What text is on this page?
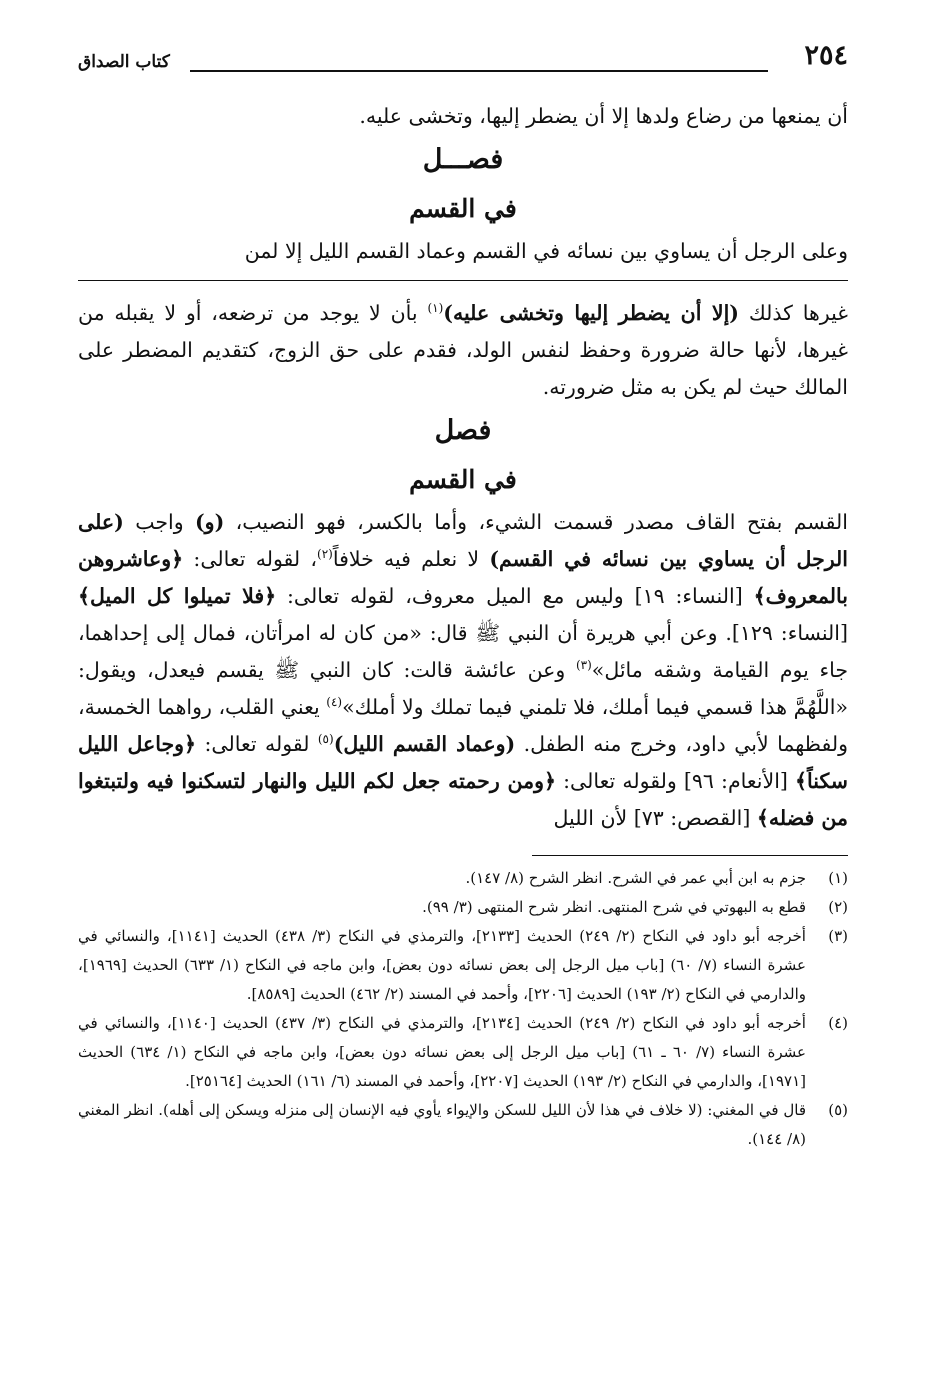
٢٥٤
كتاب الصداق

أن يمنعها من رضاع ولدها إلا أن يضطر إليها، وتخشى عليه.

فصـــل

في القسم

وعلى الرجل أن يساوي بين نسائه في القسم وعماد القسم الليل إلا لمن

غيرها كذلك (إلا أن يضطر إليها وتخشى عليه)$^{(١)}$ بأن لا يوجد من ترضعه، أو لا يقبله من غيرها، لأنها حالة ضرورة وحفظ لنفس الولد، فقدم على حق الزوج، كتقديم المضطر على المالك حيث لم يكن به مثل ضرورته.

فصل

في القسم

القسم بفتح القاف مصدر قسمت الشيء، وأما بالكسر، فهو النصيب، (و) واجب (على الرجل أن يساوي بين نسائه في القسم) لا نعلم فيه خلافاً$^{(٢)}$، لقوله تعالى: ﴿وعاشروهن بالمعروف﴾ [النساء: ١٩] وليس مع الميل معروف، لقوله تعالى: ﴿فلا تميلوا كل الميل﴾ [النساء: ١٢٩]. وعن أبي هريرة أن النبي ﷺ قال: «من كان له امرأتان، فمال إلى إحداهما، جاء يوم القيامة وشقه مائل»$^{(٣)}$ وعن عائشة قالت: كان النبي ﷺ يقسم فيعدل، ويقول: «اللَّهُمَّ هذا قسمي فيما أملك، فلا تلمني فيما تملك ولا أملك»$^{(٤)}$ يعني القلب، رواهما الخمسة، ولفظهما لأبي داود، وخرج منه الطفل. (وعماد القسم الليل)$^{(٥)}$ لقوله تعالى: ﴿وجاعل الليل سكناً﴾ [الأنعام: ٩٦] ولقوله تعالى: ﴿ومن رحمته جعل لكم الليل والنهار لتسكنوا فيه ولتبتغوا من فضله﴾ [القصص: ٧٣] لأن الليل

(١)
جزم به ابن أبي عمر في الشرح. انظر الشرح (٨/ ١٤٧).

(٢)
قطع به البهوتي في شرح المنتهى. انظر شرح المنتهى (٣/ ٩٩).

(٣)
أخرجه أبو داود في النكاح (٢/ ٢٤٩) الحديث [٢١٣٣]، والترمذي في النكاح (٣/ ٤٣٨) الحديث [١١٤١]، والنسائي في عشرة النساء (٧/ ٦٠) [باب ميل الرجل إلى بعض نسائه دون بعض]، وابن ماجه في النكاح (١/ ٦٣٣) الحديث [١٩٦٩]، والدارمي في النكاح (٢/ ١٩٣) الحديث [٢٢٠٦]، وأحمد في المسند (٢/ ٤٦٢) الحديث [٨٥٨٩].

(٤)
أخرجه أبو داود في النكاح (٢/ ٢٤٩) الحديث [٢١٣٤]، والترمذي في النكاح (٣/ ٤٣٧) الحديث [١١٤٠]، والنسائي في عشرة النساء (٧/ ٦٠ ـ ٦١) [باب ميل الرجل إلى بعض نسائه دون بعض]، وابن ماجه في النكاح (١/ ٦٣٤) الحديث [١٩٧١]، والدارمي في النكاح (٢/ ١٩٣) الحديث [٢٢٠٧]، وأحمد في المسند (٦/ ١٦١) الحديث [٢٥١٦٤].

(٥)
قال في المغني: (لا خلاف في هذا لأن الليل للسكن والإيواء يأوي فيه الإنسان إلى منزله ويسكن إلى أهله). انظر المغني (٨/ ١٤٤).
